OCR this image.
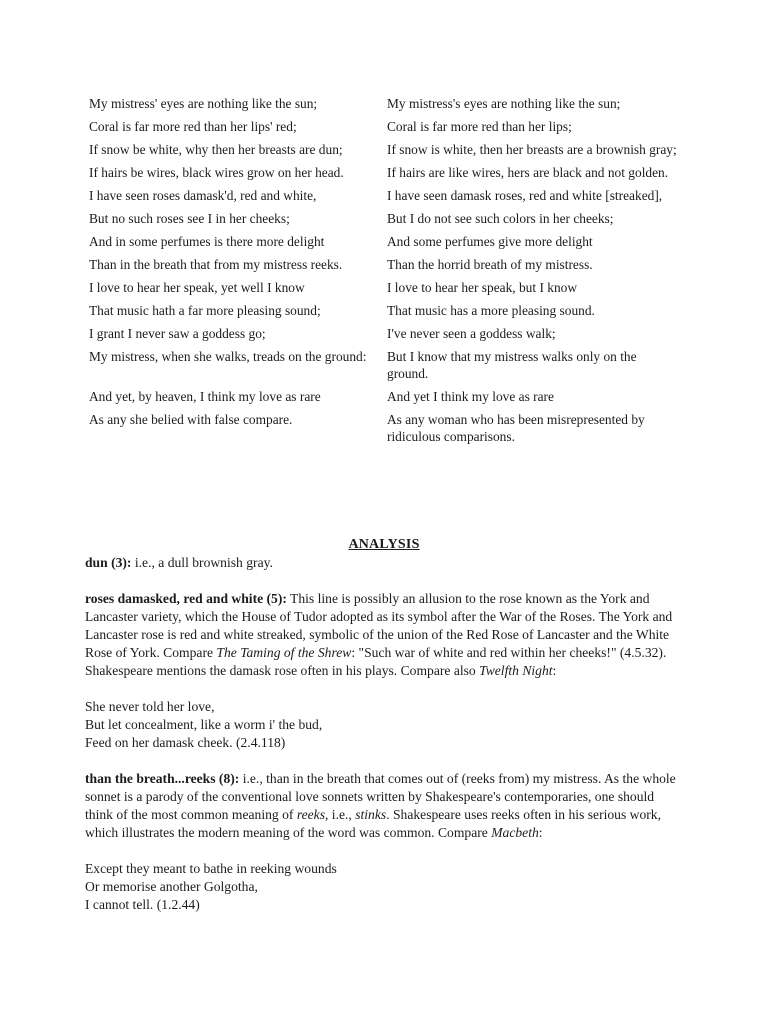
My mistress' eyes are nothing like the sun;	My mistress's eyes are nothing like the sun;
Coral is far more red than her lips' red;	Coral is far more red than her lips;
If snow be white, why then her breasts are dun;	If snow is white, then her breasts are a brownish gray;
If hairs be wires, black wires grow on her head.	If hairs are like wires, hers are black and not golden.
I have seen roses damask'd, red and white,	I have seen damask roses, red and white [streaked],
But no such roses see I in her cheeks;	But I do not see such colors in her cheeks;
And in some perfumes is there more delight	And some perfumes give more delight
Than in the breath that from my mistress reeks.	Than the horrid breath of my mistress.
I love to hear her speak, yet well I know	I love to hear her speak, but I know
That music hath a far more pleasing sound;	That music has a more pleasing sound.
I grant I never saw a goddess go;	I've never seen a goddess walk;
My mistress, when she walks, treads on the ground:	But I know that my mistress walks only on the ground.
And yet, by heaven, I think my love as rare	And yet I think my love as rare
As any she belied with false compare.	As any woman who has been misrepresented by ridiculous comparisons.
ANALYSIS

dun (3): i.e., a dull brownish gray.

roses damasked, red and white (5): This line is possibly an allusion to the rose known as the York and Lancaster variety, which the House of Tudor adopted as its symbol after the War of the Roses. The York and Lancaster rose is red and white streaked, symbolic of the union of the Red Rose of Lancaster and the White Rose of York. Compare The Taming of the Shrew: "Such war of white and red within her cheeks!" (4.5.32). Shakespeare mentions the damask rose often in his plays. Compare also Twelfth Night:

She never told her love,

But let concealment, like a worm i' the bud,

Feed on her damask cheek. (2.4.118)

than the breath...reeks (8): i.e., than in the breath that comes out of (reeks from) my mistress. As the whole sonnet is a parody of the conventional love sonnets written by Shakespeare's contemporaries, one should think of the most common meaning of reeks, i.e., stinks. Shakespeare uses reeks often in his serious work, which illustrates the modern meaning of the word was common. Compare Macbeth:

Except they meant to bathe in reeking wounds

Or memorise another Golgotha,

I cannot tell. (1.2.44)
